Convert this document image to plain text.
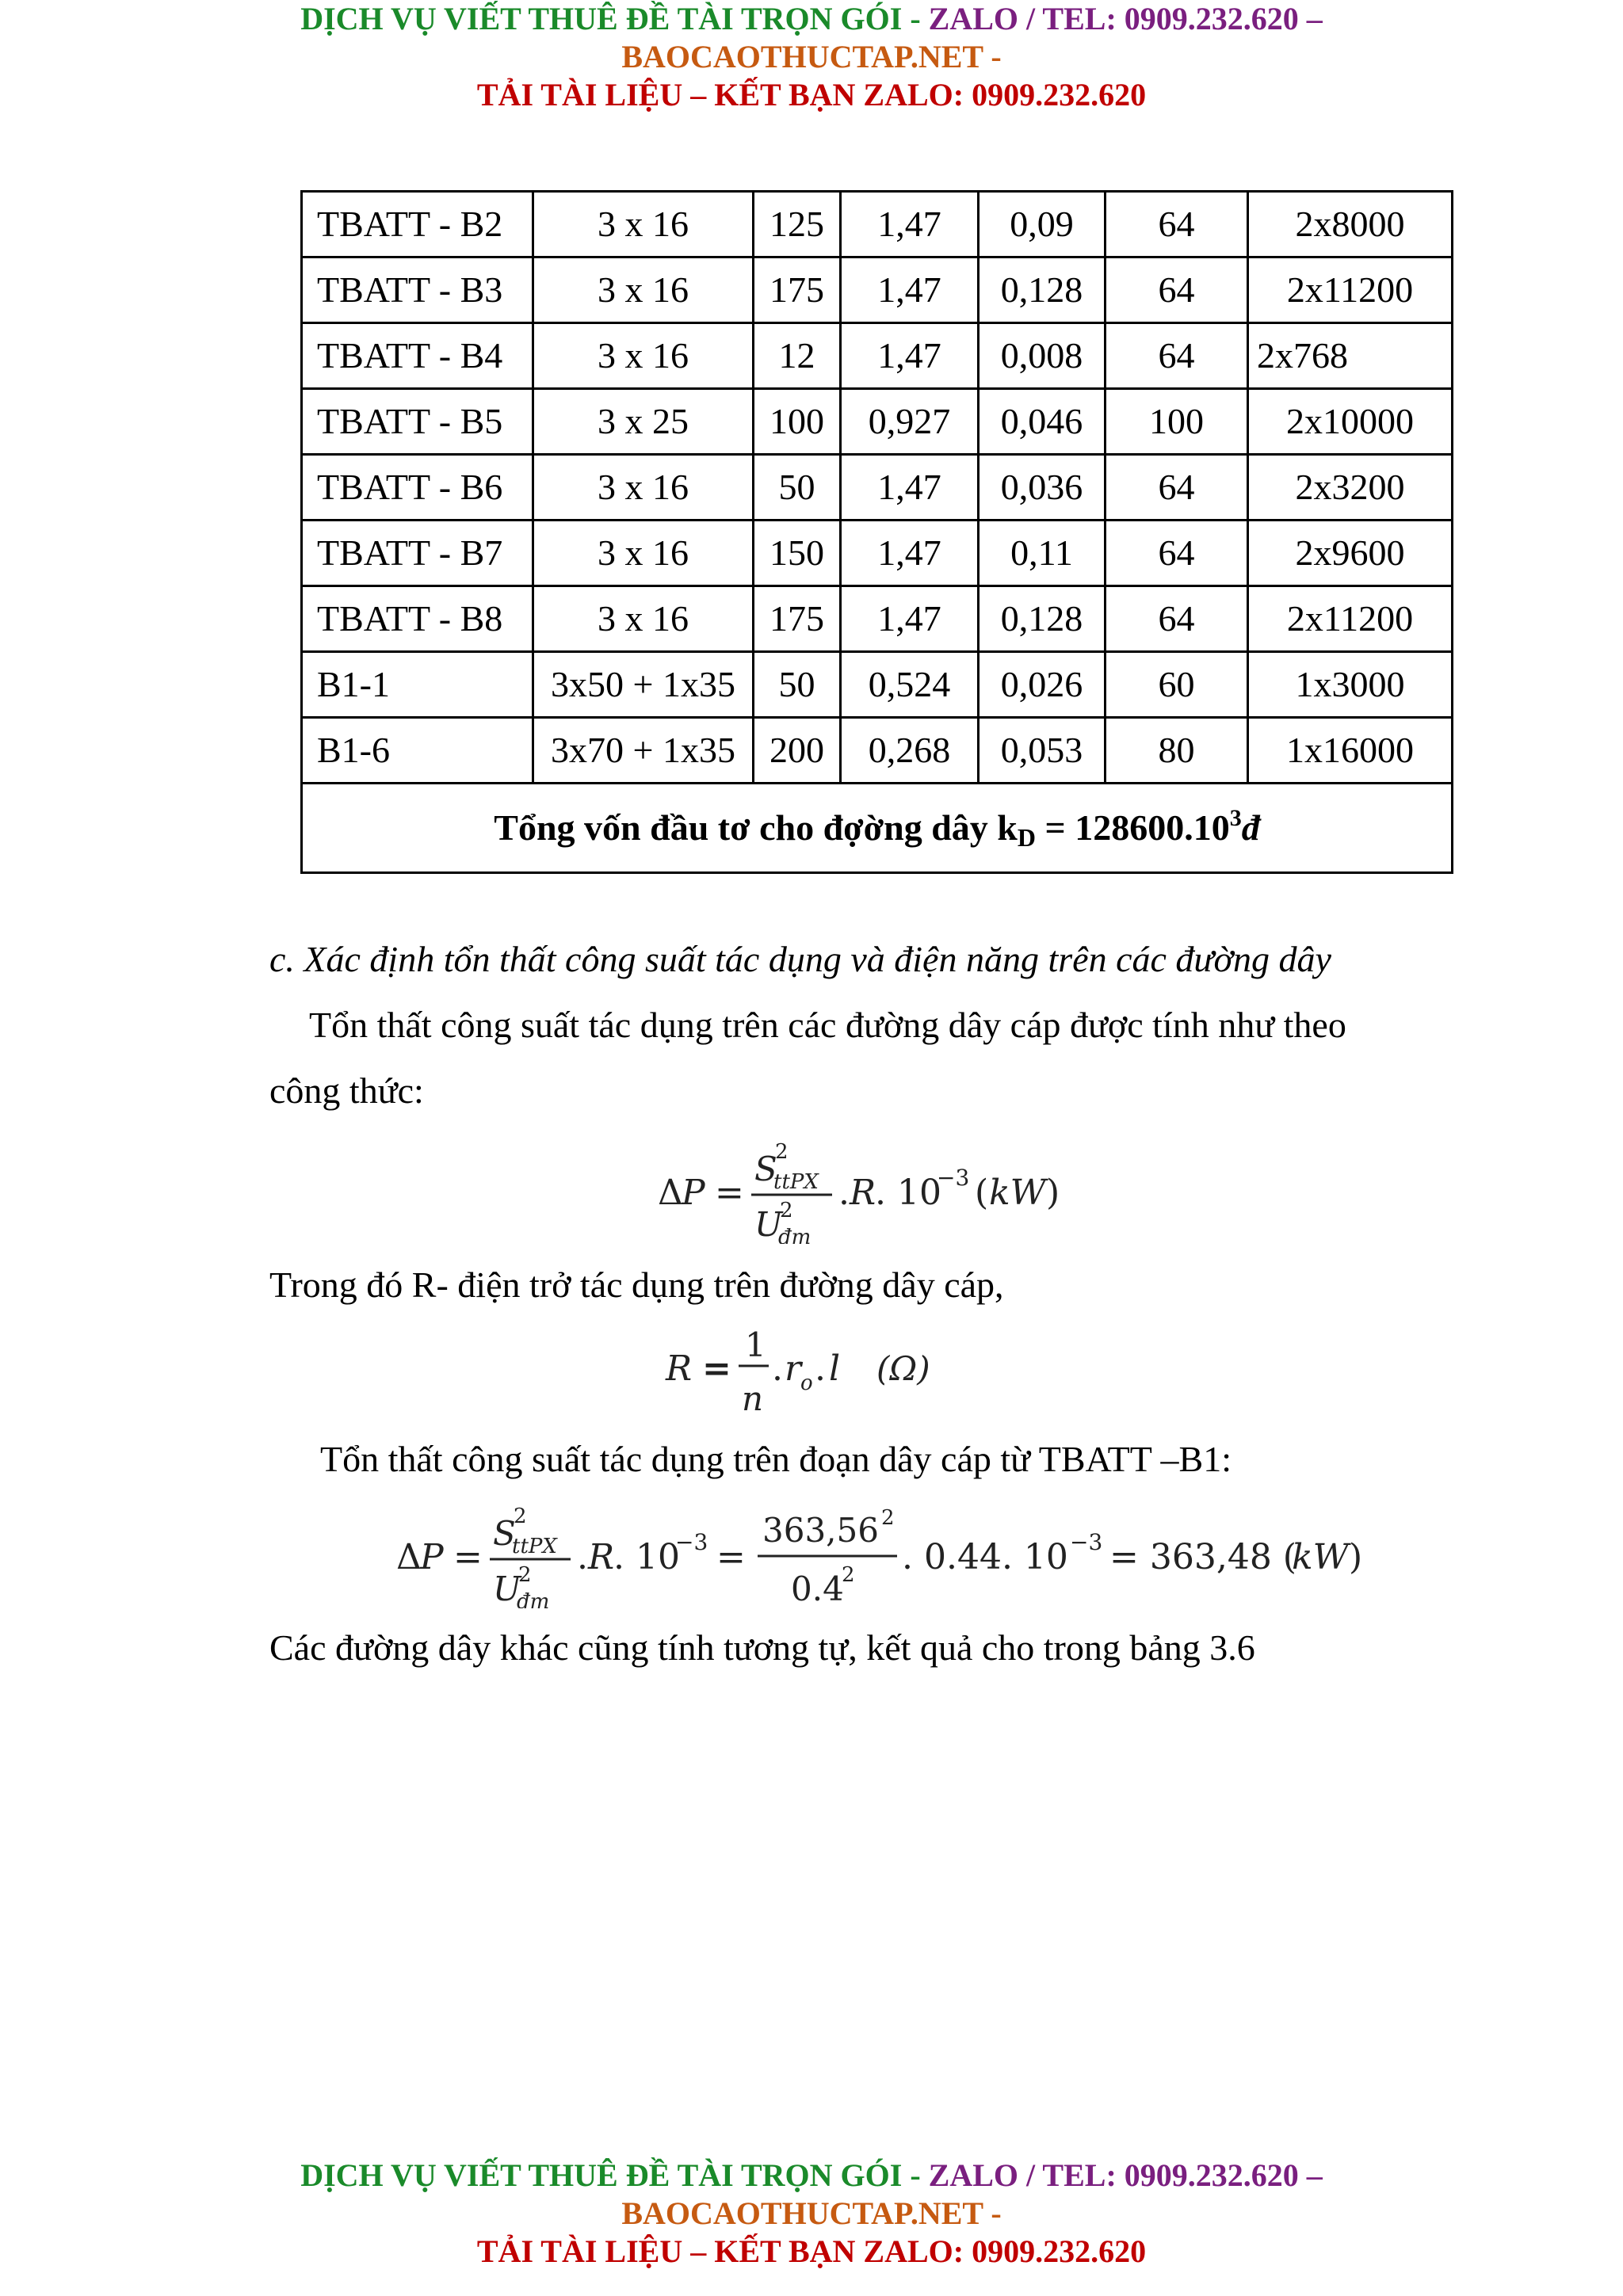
DỊCH VỤ VIẾT THUÊ ĐỀ TÀI TRỌN GÓI - ZALO / TEL: 0909.232.620 –
BAOCAOTHUCTAP.NET -
TẢI TÀI LIỆU – KẾT BẠN ZALO: 0909.232.620
TBATT - B2	3 x 16	125	1,47	0,09	64	2x8000
TBATT - B3	3 x 16	175	1,47	0,128	64	2x11200
TBATT - B4	3 x 16	12	1,47	0,008	64	2x768
TBATT - B5	3 x 25	100	0,927	0,046	100	2x10000
TBATT - B6	3 x 16	50	1,47	0,036	64	2x3200
TBATT - B7	3 x 16	150	1,47	0,11	64	2x9600
TBATT - B8	3 x 16	175	1,47	0,128	64	2x11200
B1-1	3x50 + 1x35	50	0,524	0,026	60	1x3000
B1-6	3x70 + 1x35	200	0,268	0,053	80	1x16000
Tổng vốn đầu tơ cho đợờng dây $k_D$ = $128600.10^3đ$						
c. Xác định tổn thất công suất tác dụng và điện năng trên các đường dây
Tổn thất công suất tác dụng trên các đường dây cáp được tính như theo
công thức:
Δ
P =
S
2
ttPX
U
2
đm
. R
. 10
−3 ( kW )
Trong đó R- điện trở tác dụng trên đường dây cáp,
R =
1
n
. r
o . l (Ω)
Tổn thất công suất tác dụng trên đoạn dây cáp từ TBATT –B1:
Δ
P =
S
2
ttPX
U
2
đm
. R
. 10
−3 =
363,56 2
0.4
2 . 0.44. 10 −3 = 363,48 (
kW )
Các đường dây khác cũng tính tương tự, kết quả cho trong bảng 3.6
DỊCH VỤ VIẾT THUÊ ĐỀ TÀI TRỌN GÓI - ZALO / TEL: 0909.232.620 –
BAOCAOTHUCTAP.NET -
TẢI TÀI LIỆU – KẾT BẠN ZALO: 0909.232.620
